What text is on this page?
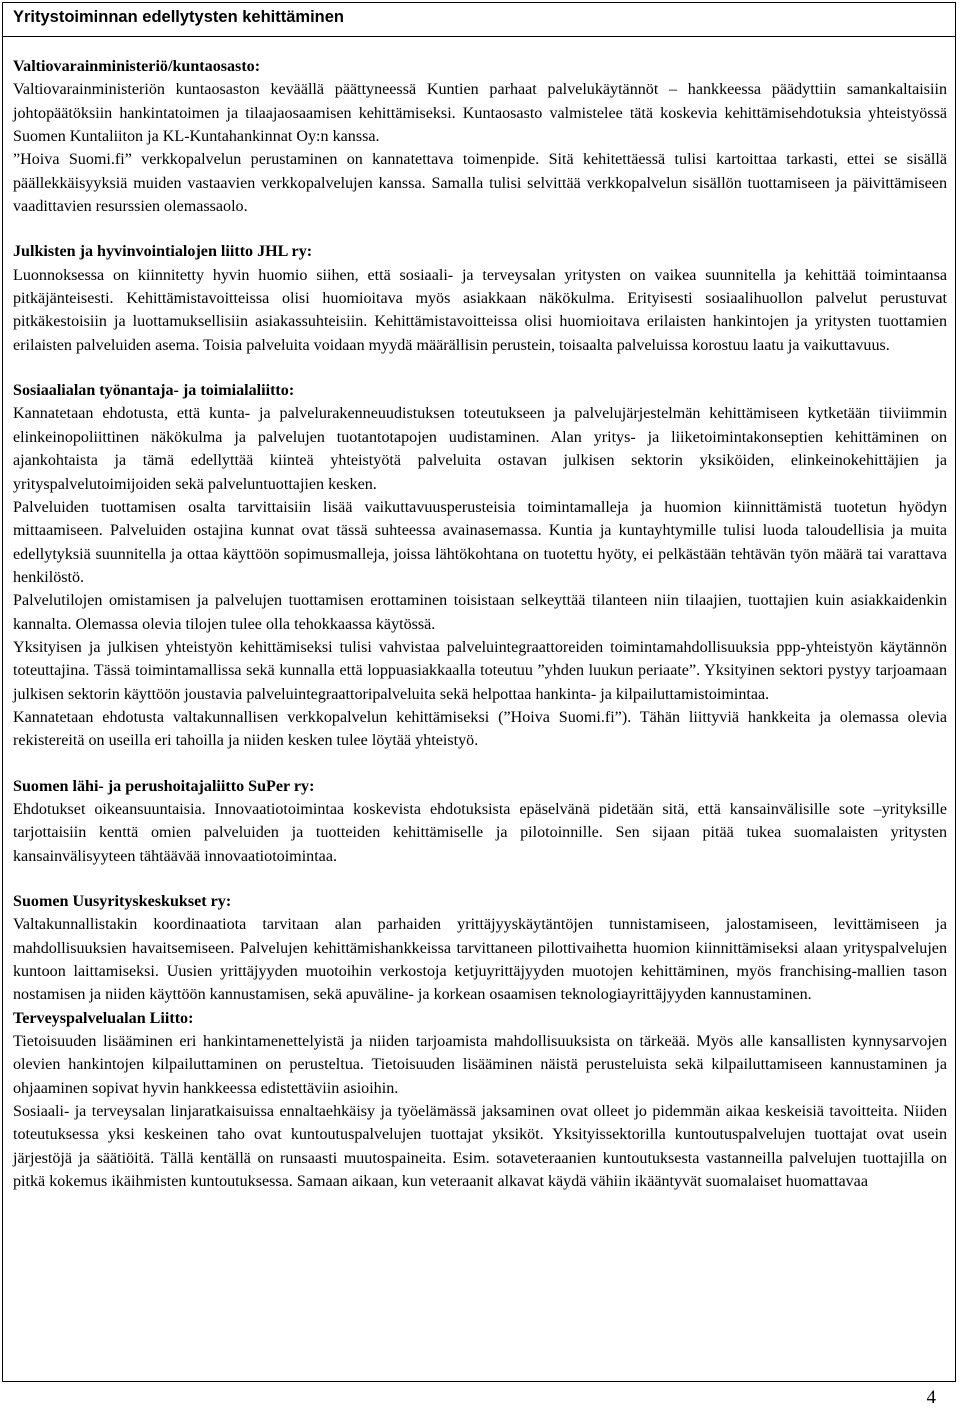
Yritystoiminnan edellytysten kehittäminen
Valtiovarainministeriö/kuntaosasto:

Valtiovarainministeriön kuntaosaston keväällä päättyneessä Kuntien parhaat palvelukäytännöt – hankkeessa päädyttiin samankaltaisiin johtopäätöksiin hankintatoimen ja tilaajaosaamisen kehittämiseksi. Kuntaosasto valmistelee tätä koskevia kehittämisehdotuksia yhteistyössä Suomen Kuntaliiton ja KL-Kuntahankinnat Oy:n kanssa.

”Hoiva Suomi.fi” verkkopalvelun perustaminen on kannatettava toimenpide. Sitä kehitettäessä tulisi kartoittaa tarkasti, ettei se sisällä päällekkäisyyksiä muiden vastaavien verkkopalvelujen kanssa. Samalla tulisi selvittää verkkopalvelun sisällön tuottamiseen ja päivittämiseen vaadittavien resurssien olemassaolo.

Julkisten ja hyvinvointialojen liitto JHL ry:

Luonnoksessa on kiinnitetty hyvin huomio siihen, että sosiaali- ja terveysalan yritysten on vaikea suunnitella ja kehittää toimintaansa pitkäjänteisesti. Kehittämistavoitteissa olisi huomioitava myös asiakkaan näkökulma. Erityisesti sosiaalihuollon palvelut perustuvat pitkäkestoisiin ja luottamuksellisiin asiakassuhteisiin. Kehittämistavoitteissa olisi huomioitava erilaisten hankintojen ja yritysten tuottamien erilaisten palveluiden asema. Toisia palveluita voidaan myydä määrällisin perustein, toisaalta palveluissa korostuu laatu ja vaikuttavuus.

Sosiaalialan työnantaja- ja toimialaliitto:

Kannatetaan ehdotusta, että kunta- ja palvelurakenneuudistuksen toteutukseen ja palvelujärjestelmän kehittämiseen kytketään tiiviimmin elinkeinopoliittinen näkökulma ja palvelujen tuotantotapojen uudistaminen. Alan yritys- ja liiketoimintakonseptien kehittäminen on ajankohtaista ja tämä edellyttää kiinteä yhteistyötä palveluita ostavan julkisen sektorin yksiköiden, elinkeinokehittäjien ja yrityspalvelutoimijoiden sekä palveluntuottajien kesken.

Palveluiden tuottamisen osalta tarvittaisiin lisää vaikuttavuusperusteisia toimintamalleja ja huomion kiinnittämistä tuotetun hyödyn mittaamiseen. Palveluiden ostajina kunnat ovat tässä suhteessa avainasemassa. Kuntia ja kuntayhtymille tulisi luoda taloudellisia ja muita edellytyksiä suunnitella ja ottaa käyttöön sopimusmalleja, joissa lähtökohtana on tuotettu hyöty, ei pelkästään tehtävän työn määrä tai varattava henkilöstö.

Palvelutilojen omistamisen ja palvelujen tuottamisen erottaminen toisistaan selkeyttää tilanteen niin tilaajien, tuottajien kuin asiakkaidenkin kannalta. Olemassa olevia tilojen tulee olla tehokkaassa käytössä.

Yksityisen ja julkisen yhteistyön kehittämiseksi tulisi vahvistaa palveluintegraattoreiden toimintamahdollisuuksia ppp-yhteistyön käytännön toteuttajina. Tässä toimintamallissa sekä kunnalla että loppuasiakkaalla toteutuu ”yhden luukun periaate”. Yksityinen sektori pystyy tarjoamaan julkisen sektorin käyttöön joustavia palveluintegraattoripalveluita sekä helpottaa hankinta- ja kilpailuttamistoimintaa.

Kannatetaan ehdotusta valtakunnallisen verkkopalvelun kehittämiseksi (”Hoiva Suomi.fi”). Tähän liittyviä hankkeita ja olemassa olevia rekistereitä on useilla eri tahoilla ja niiden kesken tulee löytää yhteistyö.

Suomen lähi- ja perushoitajaliitto SuPer ry:

Ehdotukset oikeansuuntaisia. Innovaatiotoimintaa koskevista ehdotuksista epäselvänä pidetään sitä, että kansainvälisille sote –yrityksille tarjottaisiin kenttä omien palveluiden ja tuotteiden kehittämiselle ja pilotoinnille. Sen sijaan pitää tukea suomalaisten yritysten kansainvälisyyteen tähtäävää innovaatiotoimintaa.

Suomen Uusyrityskeskukset ry:

Valtakunnallistakin koordinaatiota tarvitaan alan parhaiden yrittäjyyskäytäntöjen tunnistamiseen, jalostamiseen, levittämiseen ja mahdollisuuksien havaitsemiseen. Palvelujen kehittämishankkeissa tarvittaneen pilottivaihetta huomion kiinnittämiseksi alaan yrityspalvelujen kuntoon laittamiseksi. Uusien yrittäjyyden muotoihin verkostoja ketjuyrittäjyyden muotojen kehittäminen, myös franchising-mallien tason nostamisen ja niiden käyttöön kannustamisen, sekä apuväline- ja korkean osaamisen teknologiayrittäjyyden kannustaminen.

Terveyspalvelualan Liitto:

Tietoisuuden lisääminen eri hankintamenettelyistä ja niiden tarjoamista mahdollisuuksista on tärkeää. Myös alle kansallisten kynnysarvojen olevien hankintojen kilpailuttaminen on perusteltua. Tietoisuuden lisääminen näistä perusteluista sekä kilpailuttamiseen kannustaminen ja ohjaaminen sopivat hyvin hankkeessa edistettäviin asioihin.

Sosiaali- ja terveysalan linjaratkaisuissa ennaltaehkäisy ja työelämässä jaksaminen ovat olleet jo pidemmän aikaa keskeisiä tavoitteita. Niiden toteutuksessa yksi keskeinen taho ovat kuntoutuspalvelujen tuottajat yksiköt. Yksityissektorilla kuntoutuspalvelujen tuottajat ovat usein järjestöjä ja säätiöitä. Tällä kentällä on runsaasti muutospaineita. Esim. sotaveteraanien kuntoutuksesta vastanneilla palvelujen tuottajilla on pitkä kokemus ikäihmisten kuntoutuksessa. Samaan aikaan, kun veteraanit alkavat käydä vähiin ikääntyvät suomalaiset huomattavaa

4
